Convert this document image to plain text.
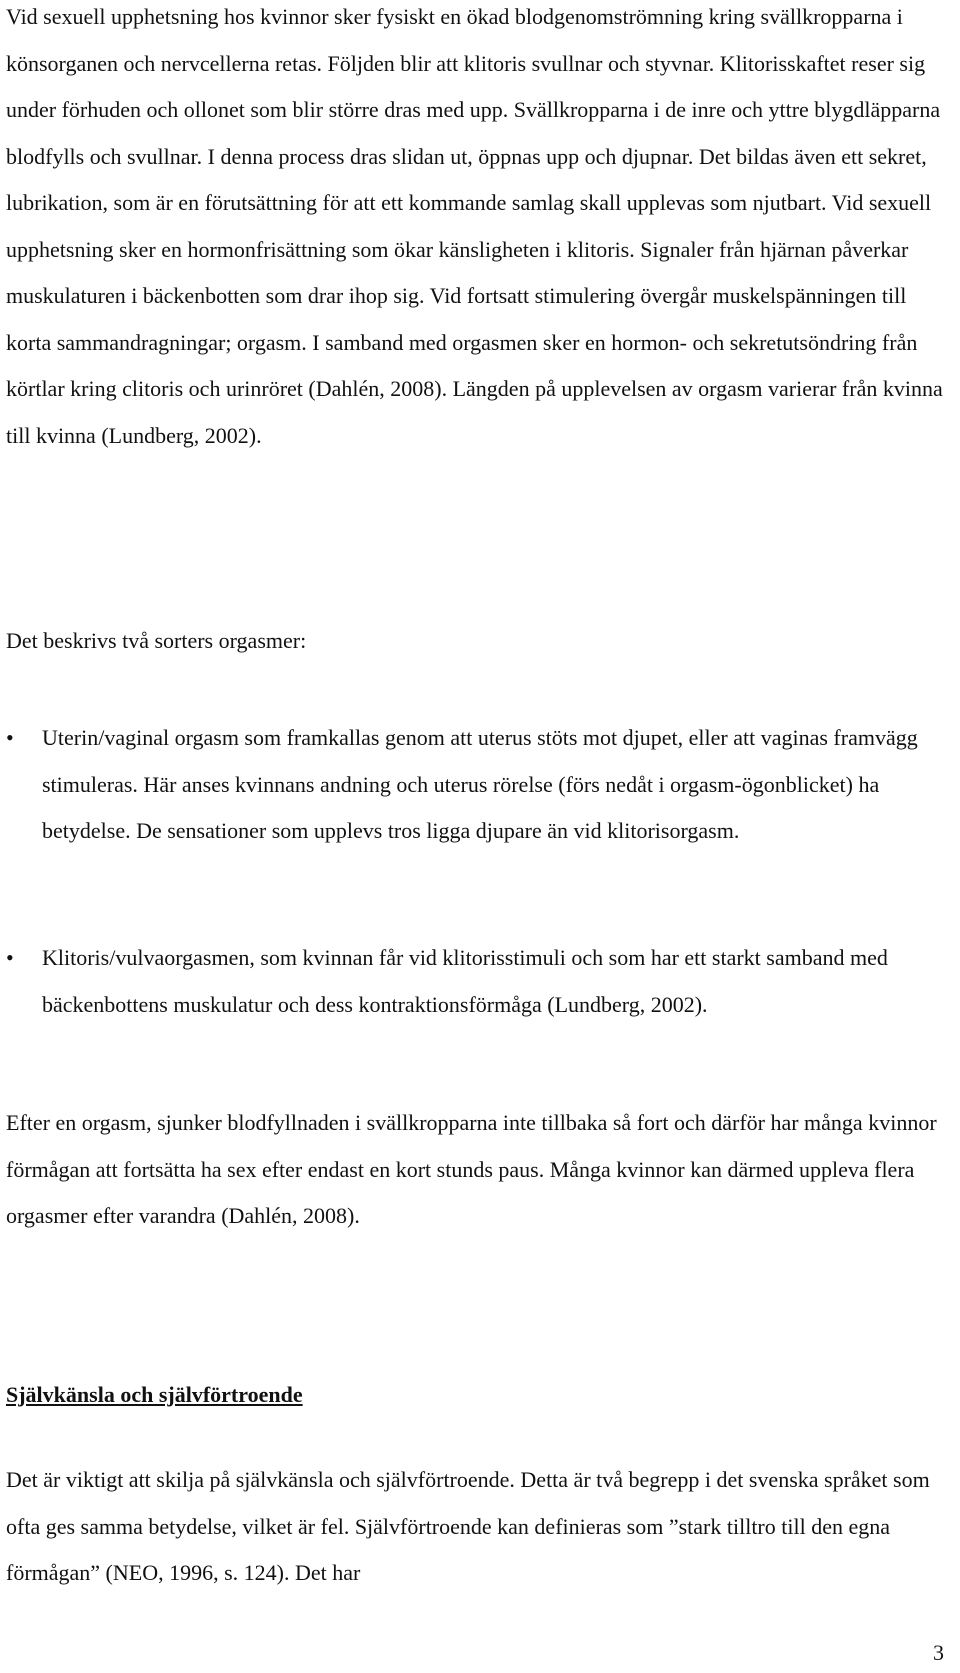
Vid sexuell upphetsning hos kvinnor sker fysiskt en ökad blodgenomströmning kring svällkropparna i könsorganen och nervcellerna retas. Följden blir att klitoris svullnar och styvnar. Klitorisskaftet reser sig under förhuden och ollonet som blir större dras med upp. Svällkropparna i de inre och yttre blygdläpparna blodfylls och svullnar. I denna process dras slidan ut, öppnas upp och djupnar. Det bildas även ett sekret, lubrikation, som är en förutsättning för att ett kommande samlag skall upplevas som njutbart. Vid sexuell upphetsning sker en hormonfrisättning som ökar känsligheten i klitoris. Signaler från hjärnan påverkar muskulaturen i bäckenbotten som drar ihop sig. Vid fortsatt stimulering övergår muskelspänningen till korta sammandragningar; orgasm. I samband med orgasmen sker en hormon- och sekretutsöndring från körtlar kring clitoris och urinröret (Dahlén, 2008). Längden på upplevelsen av orgasm varierar från kvinna till kvinna (Lundberg, 2002).

Det beskrivs två sorters orgasmer:

• Uterin/vaginal orgasm som framkallas genom att uterus stöts mot djupet, eller att vaginas framvägg stimuleras. Här anses kvinnans andning och uterus rörelse (förs nedåt i orgasm-ögonblicket) ha betydelse. De sensationer som upplevs tros ligga djupare än vid klitorisorgasm.
• Klitoris/vulvaorgasmen, som kvinnan får vid klitorisstimuli och som har ett starkt samband med bäckenbottens muskulatur och dess kontraktionsförmåga (Lundberg, 2002).

Efter en orgasm, sjunker blodfyllnaden i svällkropparna inte tillbaka så fort och därför har många kvinnor förmågan att fortsätta ha sex efter endast en kort stunds paus. Många kvinnor kan därmed uppleva flera orgasmer efter varandra (Dahlén, 2008).

Självkänsla och självförtroende

Det är viktigt att skilja på självkänsla och självförtroende. Detta är två begrepp i det svenska språket som ofta ges samma betydelse, vilket är fel. Självförtroende kan definieras som ”stark tilltro till den egna förmågan” (NEO, 1996, s. 124). Det har

3
